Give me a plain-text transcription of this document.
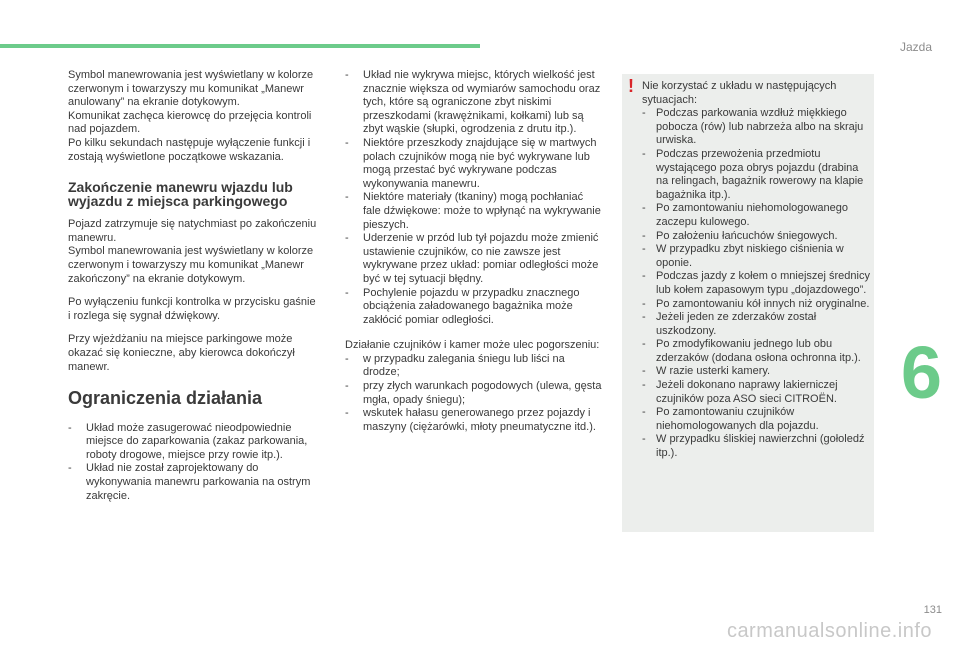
Jazda
6
131
carmanualsonline.info

Symbol manewrowania jest wyświetlany w kolorze czerwonym i towarzyszy mu komunikat „Manewr anulowany” na ekranie dotykowym.

Komunikat zachęca kierowcę do przejęcia kontroli nad pojazdem.

Po kilku sekundach następuje wyłączenie funkcji i zostają wyświetlone początkowe wskazania.

Zakończenie manewru wjazdu lub wyjazdu z miejsca parkingowego

Pojazd zatrzymuje się natychmiast po zakończeniu manewru.

Symbol manewrowania jest wyświetlany w kolorze czerwonym i towarzyszy mu komunikat „Manewr zakończony” na ekranie dotykowym.

Po wyłączeniu funkcji kontrolka w przycisku gaśnie i rozlega się sygnał dźwiękowy.

Przy wjeżdżaniu na miejsce parkingowe może okazać się konieczne, aby kierowca dokończył manewr.

Ograniczenia działania
- Układ może zasugerować nieodpowiednie miejsce do zaparkowania (zakaz parkowania, roboty drogowe, miejsce przy rowie itp.).
- Układ nie został zaprojektowany do wykonywania manewru parkowania na ostrym zakręcie.
- Układ nie wykrywa miejsc, których wielkość jest znacznie większa od wymiarów samochodu oraz tych, które są ograniczone zbyt niskimi przeszkodami (krawężnikami, kołkami) lub są zbyt wąskie (słupki, ogrodzenia z drutu itp.).
- Niektóre przeszkody znajdujące się w martwych polach czujników mogą nie być wykrywane lub mogą przestać być wykrywane podczas wykonywania manewru.
- Niektóre materiały (tkaniny) mogą pochłaniać fale dźwiękowe: może to wpłynąć na wykrywanie pieszych.
- Uderzenie w przód lub tył pojazdu może zmienić ustawienie czujników, co nie zawsze jest wykrywane przez układ: pomiar odległości może być w tej sytuacji błędny.
- Pochylenie pojazdu w przypadku znacznego obciążenia załadowanego bagażnika może zakłócić pomiar odległości.

Działanie czujników i kamer może ulec pogorszeniu:

- w przypadku zalegania śniegu lub liści na drodze;
- przy złych warunkach pogodowych (ulewa, gęsta mgła, opady śniegu);
- wskutek hałasu generowanego przez pojazdy i maszyny (ciężarówki, młoty pneumatyczne itd.).
! Nie korzystać z układu w następujących sytuacjach:

- Podczas parkowania wzdłuż miękkiego pobocza (rów) lub nabrzeża albo na skraju urwiska.
- Podczas przewożenia przedmiotu wystającego poza obrys pojazdu (drabina na relingach, bagażnik rowerowy na klapie bagażnika itp.).
- Po zamontowaniu niehomologowanego zaczepu kulowego.
- Po założeniu łańcuchów śniegowych.
- W przypadku zbyt niskiego ciśnienia w oponie.
- Podczas jazdy z kołem o mniejszej średnicy lub kołem zapasowym typu „dojazdowego”.
- Po zamontowaniu kół innych niż oryginalne.
- Jeżeli jeden ze zderzaków został uszkodzony.
- Po zmodyfikowaniu jednego lub obu zderzaków (dodana osłona ochronna itp.).
- W razie usterki kamery.
- Jeżeli dokonano naprawy lakierniczej czujników poza ASO sieci CITROËN.
- Po zamontowaniu czujników niehomologowanych dla pojazdu.
- W przypadku śliskiej nawierzchni (gołoledź itp.).
